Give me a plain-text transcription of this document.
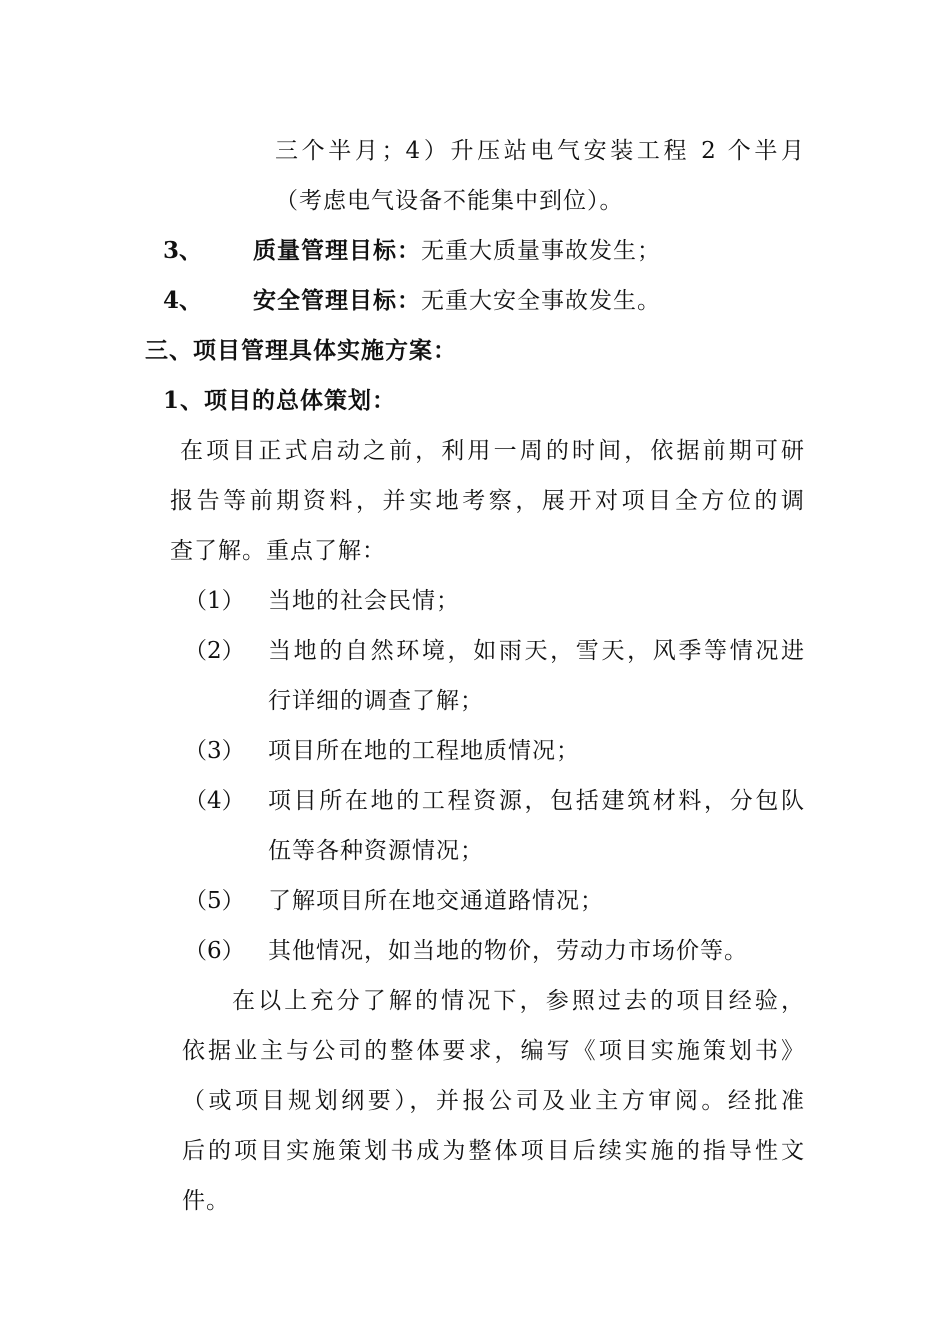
三个半月；4）升压站电气安装工程 2 个半月
（考虑电气设备不能集中到位）。
3、 质量管理目标：无重大质量事故发生；
4、 安全管理目标：无重大安全事故发生。
三、项目管理具体实施方案：
1、项目的总体策划：
在项目正式启动之前，利用一周的时间，依据前期可研
报告等前期资料，并实地考察，展开对项目全方位的调
查了解。重点了解：
（1） 当地的社会民情；
（2） 当地的自然环境，如雨天，雪天，风季等情况进
行详细的调查了解；
（3） 项目所在地的工程地质情况；
（4） 项目所在地的工程资源，包括建筑材料，分包队
伍等各种资源情况；
（5） 了解项目所在地交通道路情况；
（6） 其他情况，如当地的物价，劳动力市场价等。
在以上充分了解的情况下，参照过去的项目经验，
依据业主与公司的整体要求，编写《项目实施策划书》
（或项目规划纲要），并报公司及业主方审阅。经批准
后的项目实施策划书成为整体项目后续实施的指导性文
件。
